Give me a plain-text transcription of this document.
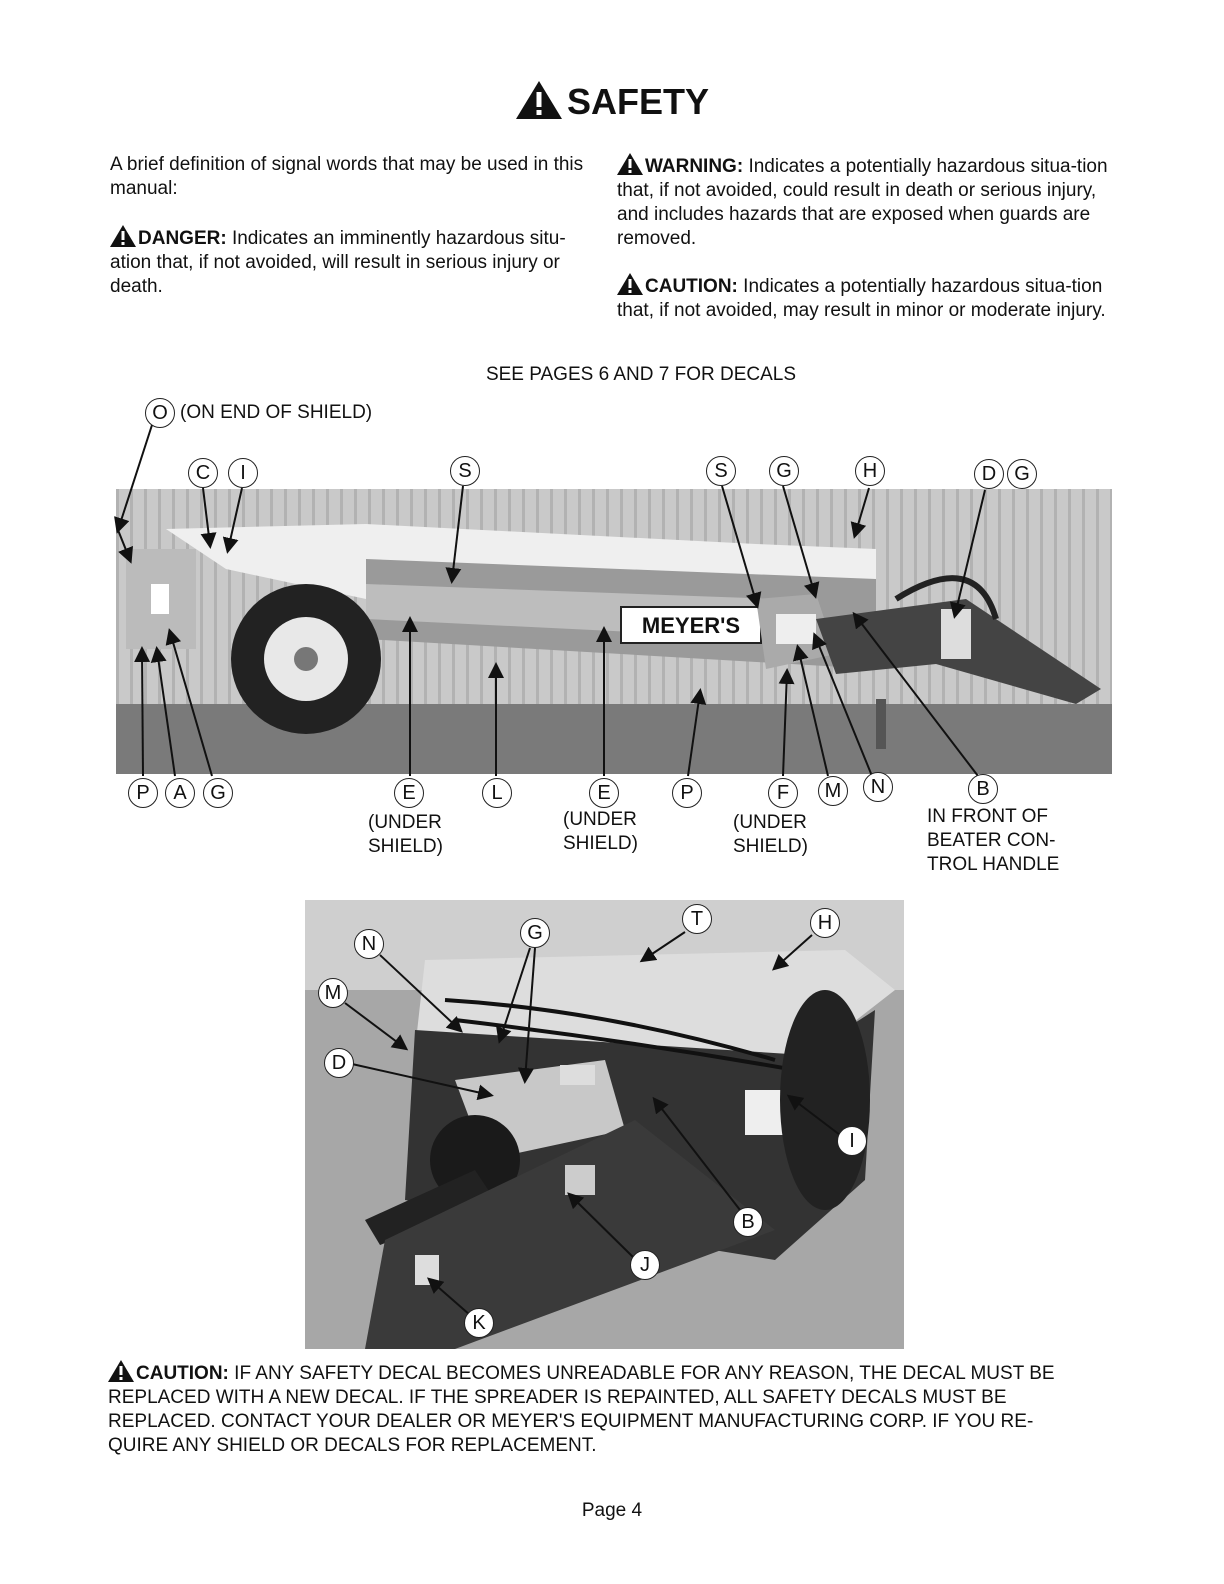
SAFETY
A brief definition of signal words that may be used in this manual:
DANGER: Indicates an imminently hazardous situ-ation that, if not avoided, will result in serious injury or death.
WARNING: Indicates a potentially hazardous situa-tion that, if not avoided, could result in death or serious injury, and includes hazards that are exposed when guards are removed.
CAUTION: Indicates a potentially hazardous situa-tion that, if not avoided, may result in minor or moderate injury.
SEE PAGES 6 AND 7 FOR DECALS
(ON END OF SHIELD)
MEYER'S
O
C	I	S	S	G	H	D G
P	A	G	E	L	E	P	F	M	N	B
(UNDER SHIELD)
(UNDER SHIELD)
(UNDER SHIELD)
IN FRONT OF BEATER CON- TROL HANDLE
N	G
T	H
M
D
I
B
J
K
CAUTION: IF ANY SAFETY DECAL BECOMES UNREADABLE FOR ANY REASON, THE DECAL MUST BE REPLACED WITH A NEW DECAL. IF THE SPREADER IS REPAINTED, ALL SAFETY DECALS MUST BE REPLACED. CONTACT YOUR DEALER OR MEYER'S EQUIPMENT MANUFACTURING CORP. IF YOU RE-QUIRE ANY SHIELD OR DECALS FOR REPLACEMENT.
Page 4
